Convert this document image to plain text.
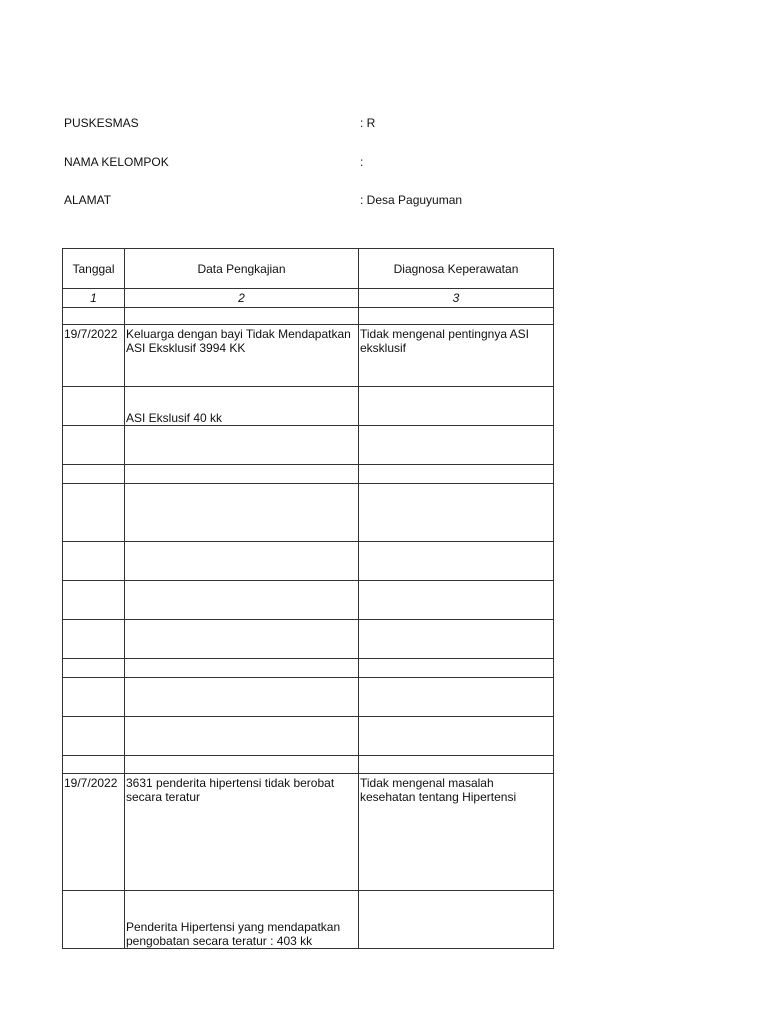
PUSKESMAS	: R
NAMA KELOMPOK	:
ALAMAT	: Desa Paguyuman
Tanggal	Data Pengkajian	Diagnosa Keperawatan
1	2	3

19/7/2022	Keluarga dengan bayi Tidak Mendapatkan ASI Eksklusif 3994 KK	Tidak mengenal pentingnya ASI eksklusif
	ASI Ekslusif 40 kk	

19/7/2022	3631 penderita hipertensi tidak berobat secara teratur	Tidak mengenal masalah kesehatan tentang Hipertensi
	Penderita Hipertensi yang mendapatkan pengobatan secara teratur : 403 kk	
